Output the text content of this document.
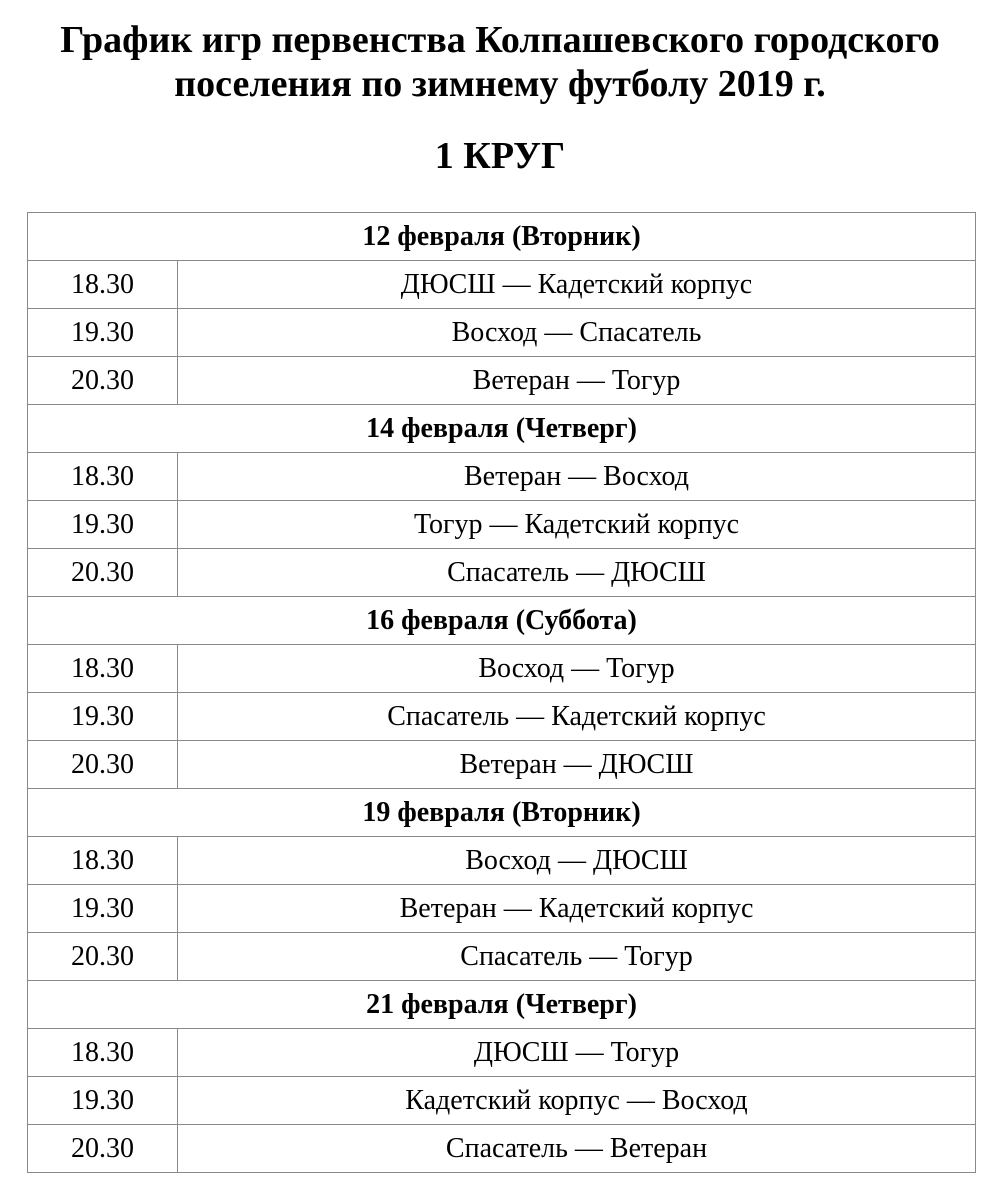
График игр первенства Колпашевского городского
поселения по зимнему футболу 2019 г.
1 КРУГ
12 февраля (Вторник)	
18.30	ДЮСШ — Кадетский корпус
19.30	Восход — Спасатель
20.30	Ветеран — Тогур
14 февраля (Четверг)	
18.30	Ветеран — Восход
19.30	Тогур — Кадетский корпус
20.30	Спасатель — ДЮСШ
16 февраля (Суббота)	
18.30	Восход — Тогур
19.30	Спасатель — Кадетский корпус
20.30	Ветеран — ДЮСШ
19 февраля (Вторник)	
18.30	Восход — ДЮСШ
19.30	Ветеран — Кадетский корпус
20.30	Спасатель — Тогур
21 февраля (Четверг)	
18.30	ДЮСШ — Тогур
19.30	Кадетский корпус — Восход
20.30	Спасатель — Ветеран
